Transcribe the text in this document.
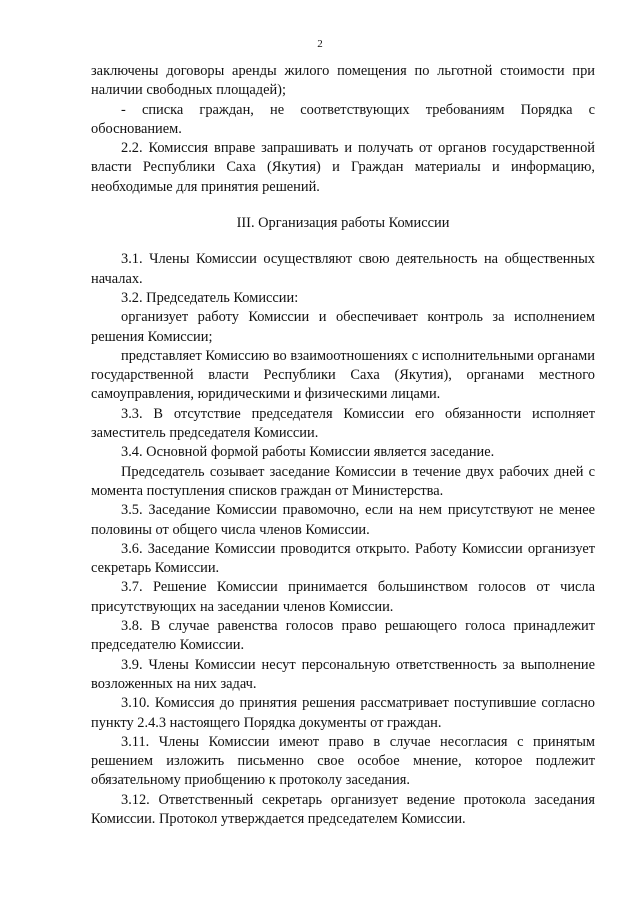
2

заключены договоры аренды жилого помещения по льготной стоимости при наличии свободных площадей);

- списка граждан, не соответствующих требованиям Порядка с обоснованием.

2.2. Комиссия вправе запрашивать и получать от органов государственной власти Республики Саха (Якутия) и Граждан материалы и информацию, необходимые для принятия решений.

III. Организация работы Комиссии

3.1. Члены Комиссии осуществляют свою деятельность на общественных началах.

3.2. Председатель Комиссии:

организует работу Комиссии и обеспечивает контроль за исполнением решения Комиссии;

представляет Комиссию во взаимоотношениях с исполнительными органами государственной власти Республики Саха (Якутия), органами местного самоуправления, юридическими и физическими лицами.

3.3. В отсутствие председателя Комиссии его обязанности исполняет заместитель председателя Комиссии.

3.4. Основной формой работы Комиссии является заседание.

Председатель созывает заседание Комиссии в течение двух рабочих дней с момента поступления списков граждан от Министерства.

3.5. Заседание Комиссии правомочно, если на нем присутствуют не менее половины от общего числа членов Комиссии.

3.6. Заседание Комиссии проводится открыто. Работу Комиссии организует секретарь Комиссии.

3.7. Решение Комиссии принимается большинством голосов от числа присутствующих на заседании членов Комиссии.

3.8. В случае равенства голосов право решающего голоса принадлежит председателю Комиссии.

3.9. Члены Комиссии несут персональную ответственность за выполнение возложенных на них задач.

3.10. Комиссия до принятия решения рассматривает поступившие согласно пункту 2.4.3 настоящего Порядка документы от граждан.

3.11. Члены Комиссии имеют право в случае несогласия с принятым решением изложить письменно свое особое мнение, которое подлежит обязательному приобщению к протоколу заседания.

3.12. Ответственный секретарь организует ведение протокола заседания Комиссии. Протокол утверждается председателем Комиссии.
